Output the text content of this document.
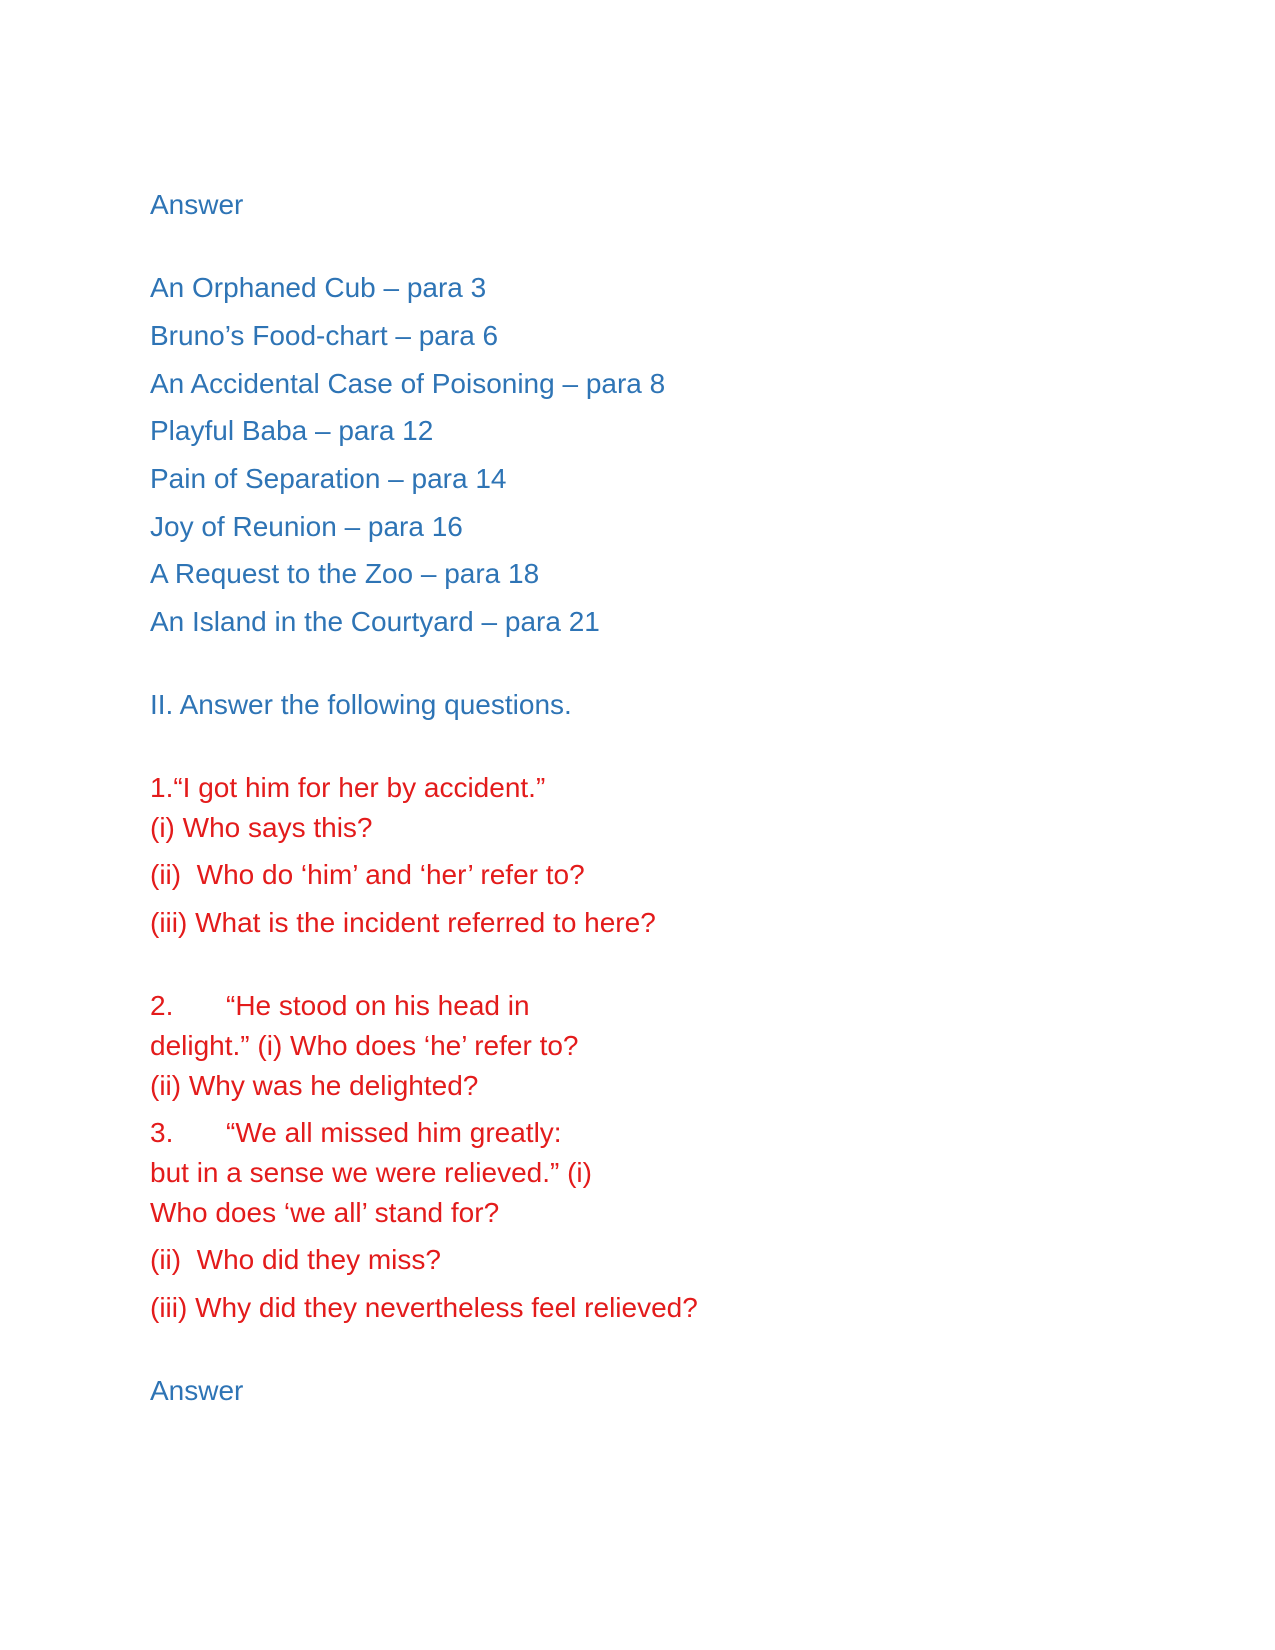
Answer

An Orphaned Cub – para 3

Bruno’s Food-chart – para 6

An Accidental Case of Poisoning – para 8

Playful Baba – para 12

Pain of Separation – para 14

Joy of Reunion – para 16

A Request to the Zoo – para 18

An Island in the Courtyard – para 21

II. Answer the following questions.

1.“I got him for her by accident.”

(i) Who says this?

(ii)  Who do ‘him’ and ‘her’ refer to?

(iii) What is the incident referred to here?

2. “He stood on his head in

delight.” (i) Who does ‘he’ refer to?

(ii) Why was he delighted?

3. “We all missed him greatly:

but in a sense we were relieved.” (i)

Who does ‘we all’ stand for?

(ii)  Who did they miss?

(iii) Why did they nevertheless feel relieved?

Answer
